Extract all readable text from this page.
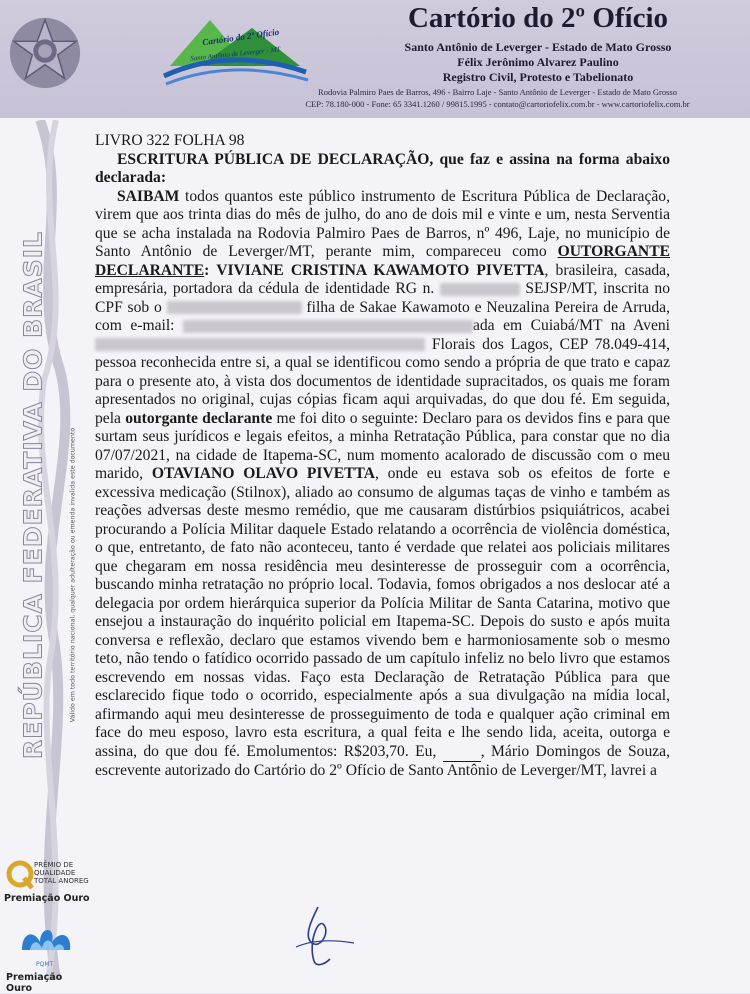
Cartório do 2º Ofício
Santo Antônio de Leverger - MT
Cartório do 2º Ofício
Santo Antônio de Leverger - Estado de Mato Grosso
Félix Jerônimo Alvarez Paulino
Registro Civil, Protesto e Tabelionato
Rodovia Palmiro Paes de Barros, 496 - Bairro Laje - Santo Antônio de Leverger - Estado de Mato Grosso
CEP: 78.180-000 - Fone: 65 3341.1260 / 99815.1995 - contato@cartoriofelix.com.br - www.cartoriofelix.com.br
REPÚBLICA FEDERATIVA DO BRASIL	Válido em todo território nacional, qualquer adulteração ou emenda invalida este documento

LIVRO 322 FOLHA 98

ESCRITURA PÚBLICA DE DECLARAÇÃO, que faz e assina na forma abaixo declarada:

SAIBAM todos quantos este público instrumento de Escritura Pública de Declaração, virem que aos trinta dias do mês de julho, do ano de dois mil e vinte e um, nesta Serventia que se acha instalada na Rodovia Palmiro Paes de Barros, nº 496, Laje, no município de Santo Antônio de Leverger/MT, perante mim, compareceu como OUTORGANTE DECLARANTE: VIVIANE CRISTINA KAWAMOTO PIVETTA, brasileira, casada, empresária, portadora da cédula de identidade RG n.	SEJSP/MT, inscrita no CPF sob o	filha de Sakae Kawamoto e Neuzalina Pereira de Arruda, com e-mail:	ada em Cuiabá/MT na Aveni Florais dos Lagos, CEP 78.049-414, pessoa reconhecida entre si, a qual se identificou como sendo a própria de que trato e capaz para o presente ato, à vista dos documentos de identidade supracitados, os quais me foram apresentados no original, cujas cópias ficam aqui arquivadas, do que dou fé. Em seguida, pela outorgante declarante me foi dito o seguinte: Declaro para os devidos fins e para que surtam seus jurídicos e legais efeitos, a minha Retratação Pública, para constar que no dia 07/07/2021, na cidade de Itapema-SC, num momento acalorado de discussão com o meu marido, OTAVIANO OLAVO PIVETTA, onde eu estava sob os efeitos de forte e excessiva medicação (Stilnox), aliado ao consumo de algumas taças de vinho e também as reações adversas deste mesmo remédio, que me causaram distúrbios psiquiátricos, acabei procurando a Polícia Militar daquele Estado relatando a ocorrência de violência doméstica, o que, entretanto, de fato não aconteceu, tanto é verdade que relatei aos policiais militares que chegaram em nossa residência meu desinteresse de prosseguir com a ocorrência, buscando minha retratação no próprio local. Todavia, fomos obrigados a nos deslocar até a delegacia por ordem hierárquica superior da Polícia Militar de Santa Catarina, motivo que ensejou a instauração do inquérito policial em Itapema-SC. Depois do susto e após muita conversa e reflexão, declaro que estamos vivendo bem e harmoniosamente sob o mesmo teto, não tendo o fatídico ocorrido passado de um capítulo infeliz no belo livro que estamos escrevendo em nossas vidas. Faço esta Declaração de Retratação Pública para que esclarecido fique todo o ocorrido, especialmente após a sua divulgação na mídia local, afirmando aqui meu desinteresse de prosseguimento de toda e qualquer ação criminal em face do meu esposo, lavro esta escritura, a qual feita e lhe sendo lida, aceita, outorga e assina, do que dou fé. Emolumentos: R$203,70. Eu,  , Mário Domingos de Souza, escrevente autorizado do Cartório do 2º Ofício de Santo Antônio de Leverger/MT, lavrei a

PRÊMIO DE
QUALIDADE
TOTAL ANOREG
Premiação Ouro
PQMT
Premiação Ouro
